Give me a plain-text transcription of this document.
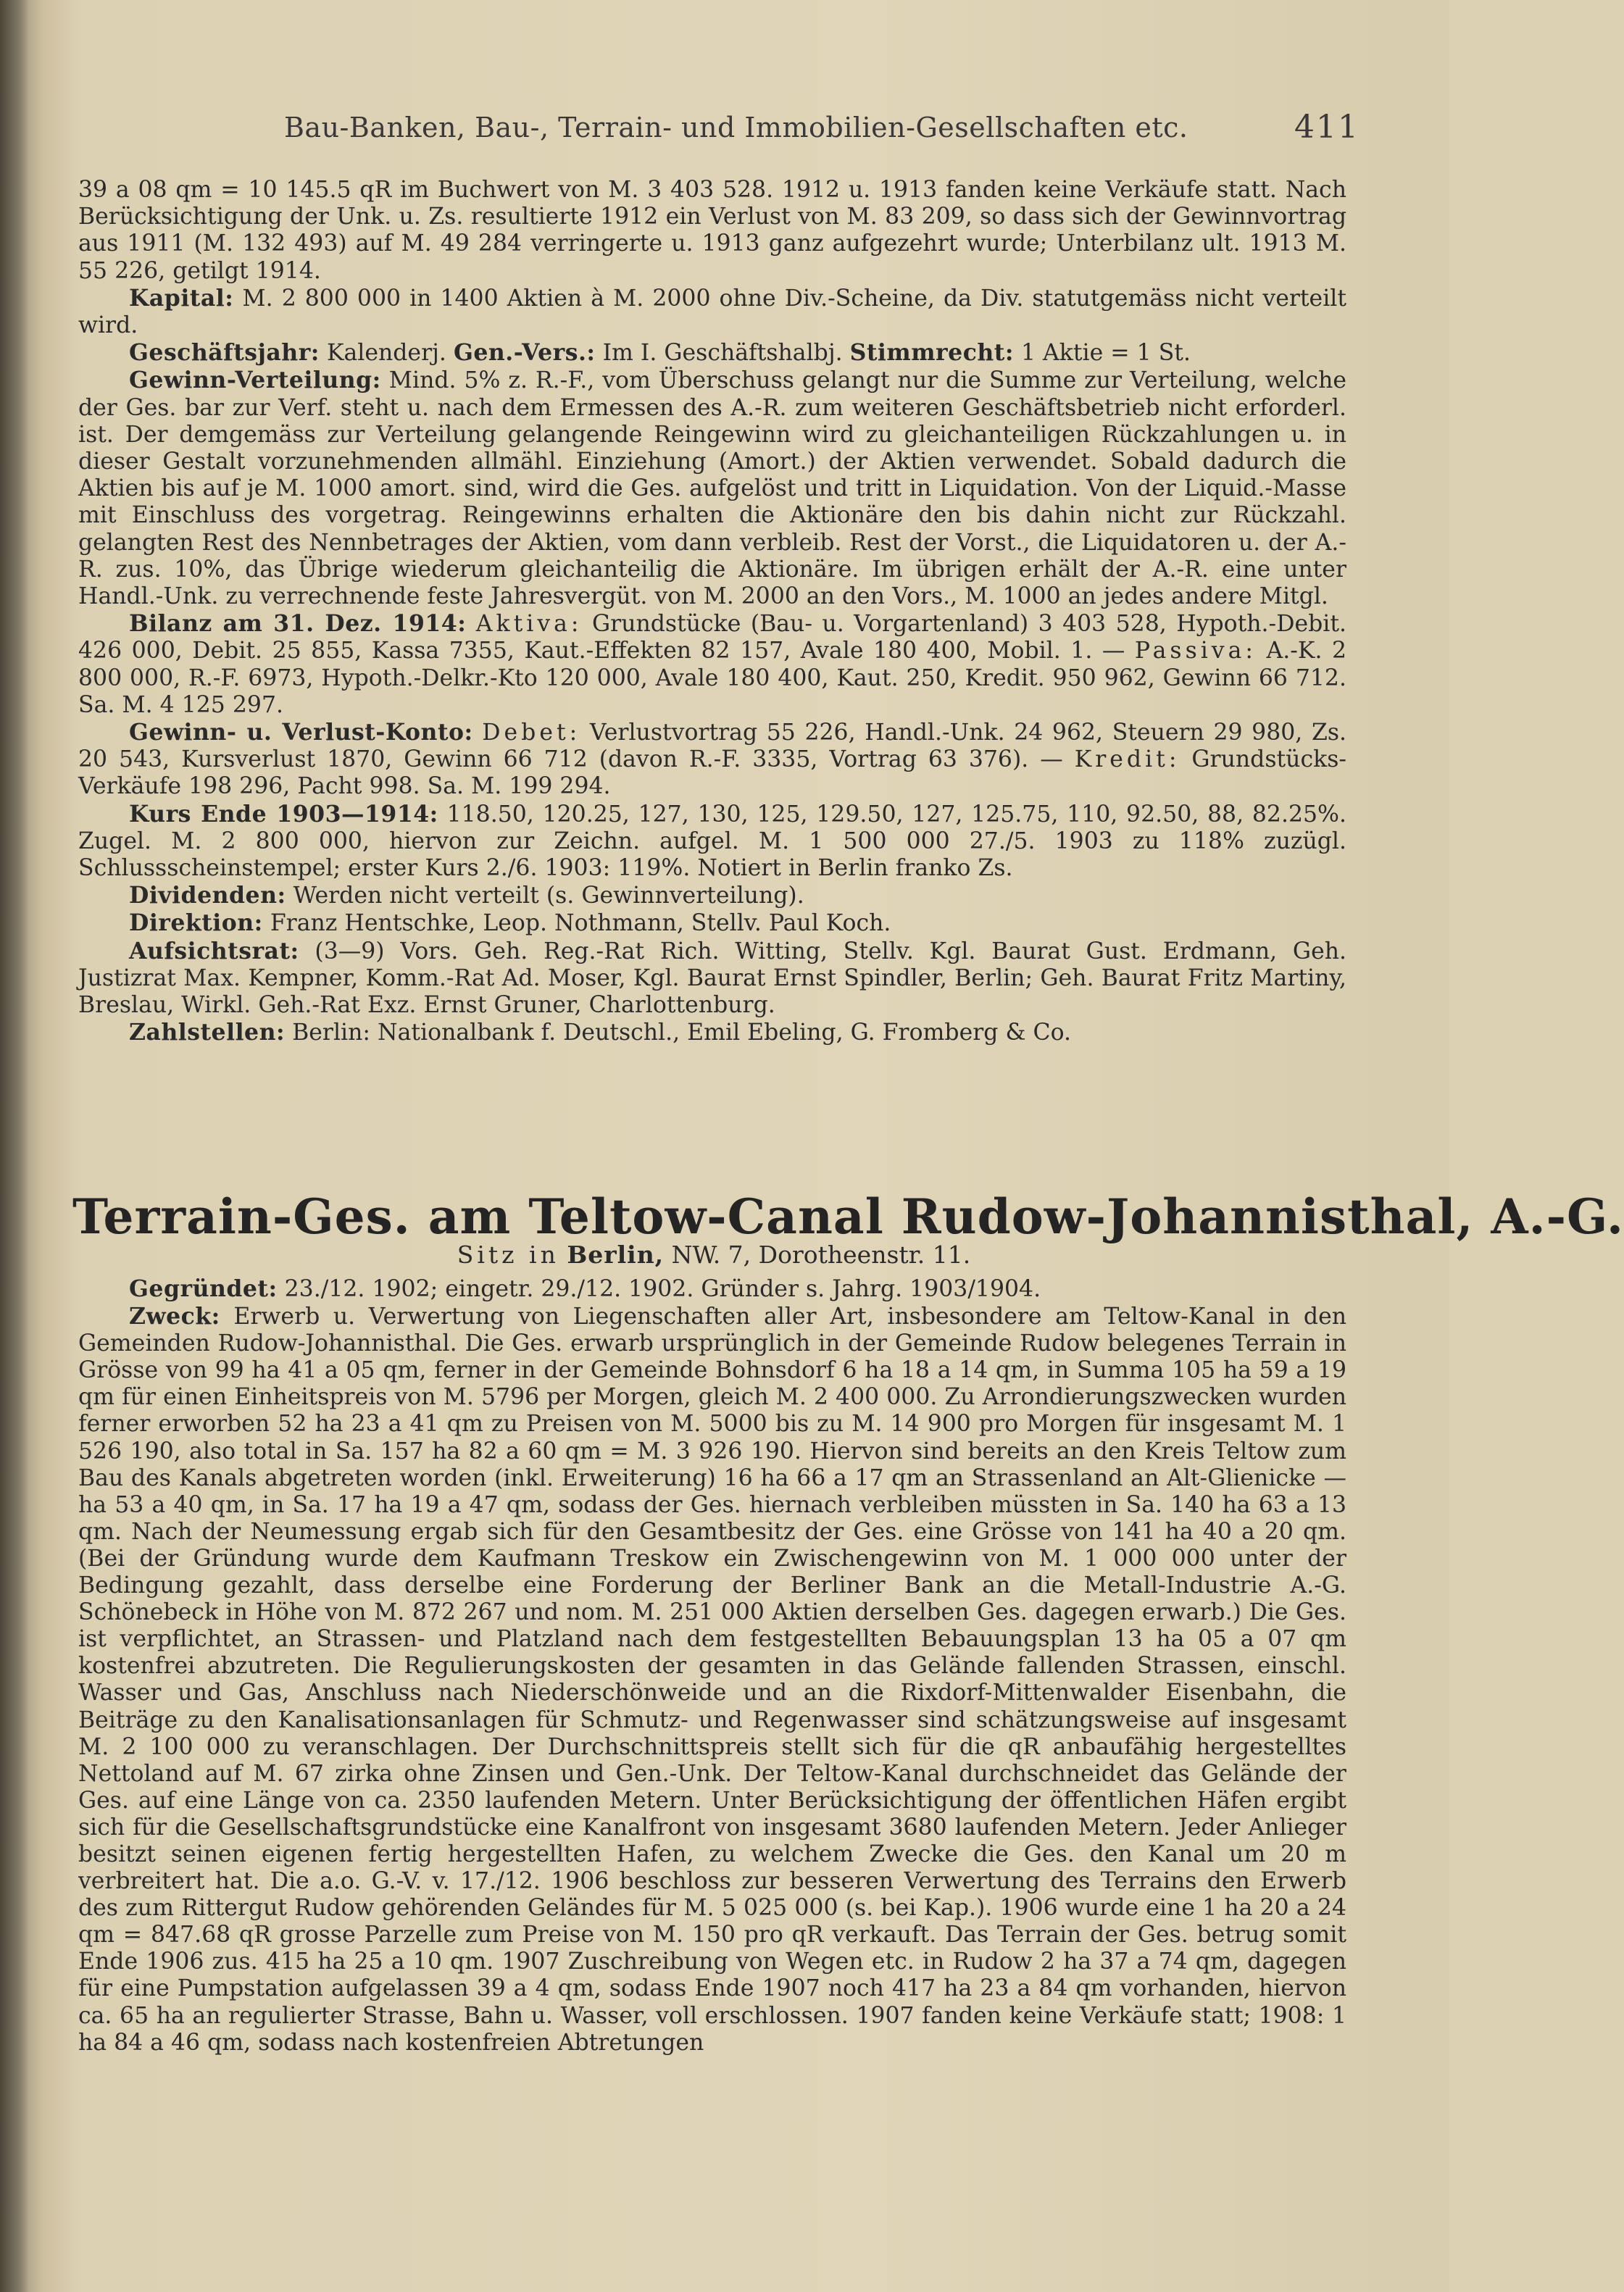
Bau-Banken, Bau-, Terrain- und Immobilien-Gesellschaften etc.	411

39 a 08 qm = 10 145.5 qR im Buchwert von M. 3 403 528. 1912 u. 1913 fanden keine Verkäufe statt. Nach Berücksichtigung der Unk. u. Zs. resultierte 1912 ein Verlust von M. 83 209, so dass sich der Gewinnvortrag aus 1911 (M. 132 493) auf M. 49 284 verringerte u. 1913 ganz aufgezehrt wurde; Unterbilanz ult. 1913 M. 55 226, getilgt 1914.

Kapital: M. 2 800 000 in 1400 Aktien à M. 2000 ohne Div.-Scheine, da Div. statutgemäss nicht verteilt wird.

Geschäftsjahr: Kalenderj. Gen.-Vers.: Im I. Geschäftshalbj. Stimmrecht: 1 Aktie = 1 St.

Gewinn-Verteilung: Mind. 5% z. R.-F., vom Überschuss gelangt nur die Summe zur Verteilung, welche der Ges. bar zur Verf. steht u. nach dem Ermessen des A.-R. zum weiteren Geschäftsbetrieb nicht erforderl. ist. Der demgemäss zur Verteilung gelangende Reingewinn wird zu gleichanteiligen Rückzahlungen u. in dieser Gestalt vorzunehmenden allmähl. Einziehung (Amort.) der Aktien verwendet. Sobald dadurch die Aktien bis auf je M. 1000 amort. sind, wird die Ges. aufgelöst und tritt in Liquidation. Von der Liquid.-Masse mit Einschluss des vorgetrag. Reingewinns erhalten die Aktionäre den bis dahin nicht zur Rückzahl. gelangten Rest des Nennbetrages der Aktien, vom dann verbleib. Rest der Vorst., die Liquidatoren u. der A.-R. zus. 10%, das Übrige wiederum gleichanteilig die Aktionäre. Im übrigen erhält der A.-R. eine unter Handl.-Unk. zu verrechnende feste Jahresvergüt. von M. 2000 an den Vors., M. 1000 an jedes andere Mitgl.

Bilanz am 31. Dez. 1914: Aktiva: Grundstücke (Bau- u. Vorgartenland) 3 403 528, Hypoth.-Debit. 426 000, Debit. 25 855, Kassa 7355, Kaut.-Effekten 82 157, Avale 180 400, Mobil. 1. — Passiva: A.-K. 2 800 000, R.-F. 6973, Hypoth.-Delkr.-Kto 120 000, Avale 180 400, Kaut. 250, Kredit. 950 962, Gewinn 66 712. Sa. M. 4 125 297.

Gewinn- u. Verlust-Konto: Debet: Verlustvortrag 55 226, Handl.-Unk. 24 962, Steuern 29 980, Zs. 20 543, Kursverlust 1870, Gewinn 66 712 (davon R.-F. 3335, Vortrag 63 376). — Kredit: Grundstücks-Verkäufe 198 296, Pacht 998. Sa. M. 199 294.

Kurs Ende 1903—1914: 118.50, 120.25, 127, 130, 125, 129.50, 127, 125.75, 110, 92.50, 88, 82.25%. Zugel. M. 2 800 000, hiervon zur Zeichn. aufgel. M. 1 500 000 27./5. 1903 zu 118% zuzügl. Schlussscheinstempel; erster Kurs 2./6. 1903: 119%. Notiert in Berlin franko Zs.

Dividenden: Werden nicht verteilt (s. Gewinnverteilung).

Direktion: Franz Hentschke, Leop. Nothmann, Stellv. Paul Koch.

Aufsichtsrat: (3—9) Vors. Geh. Reg.-Rat Rich. Witting, Stellv. Kgl. Baurat Gust. Erdmann, Geh. Justizrat Max. Kempner, Komm.-Rat Ad. Moser, Kgl. Baurat Ernst Spindler, Berlin; Geh. Baurat Fritz Martiny, Breslau, Wirkl. Geh.-Rat Exz. Ernst Gruner, Charlottenburg.

Zahlstellen: Berlin: Nationalbank f. Deutschl., Emil Ebeling, G. Fromberg & Co.

Terrain-Ges. am Teltow-Canal Rudow-Johannisthal, A.-G.
Sitz in Berlin, NW. 7, Dorotheenstr. 11.

Gegründet: 23./12. 1902; eingetr. 29./12. 1902. Gründer s. Jahrg. 1903/1904.

Zweck: Erwerb u. Verwertung von Liegenschaften aller Art, insbesondere am Teltow-Kanal in den Gemeinden Rudow-Johannisthal. Die Ges. erwarb ursprünglich in der Gemeinde Rudow belegenes Terrain in Grösse von 99 ha 41 a 05 qm, ferner in der Gemeinde Bohnsdorf 6 ha 18 a 14 qm, in Summa 105 ha 59 a 19 qm für einen Einheitspreis von M. 5796 per Morgen, gleich M. 2 400 000. Zu Arrondierungszwecken wurden ferner erworben 52 ha 23 a 41 qm zu Preisen von M. 5000 bis zu M. 14 900 pro Morgen für insgesamt M. 1 526 190, also total in Sa. 157 ha 82 a 60 qm = M. 3 926 190. Hiervon sind bereits an den Kreis Teltow zum Bau des Kanals abgetreten worden (inkl. Erweiterung) 16 ha 66 a 17 qm an Strassenland an Alt-Glienicke — ha 53 a 40 qm, in Sa. 17 ha 19 a 47 qm, sodass der Ges. hiernach verbleiben müssten in Sa. 140 ha 63 a 13 qm. Nach der Neumessung ergab sich für den Gesamtbesitz der Ges. eine Grösse von 141 ha 40 a 20 qm. (Bei der Gründung wurde dem Kaufmann Treskow ein Zwischengewinn von M. 1 000 000 unter der Bedingung gezahlt, dass derselbe eine Forderung der Berliner Bank an die Metall-Industrie A.-G. Schönebeck in Höhe von M. 872 267 und nom. M. 251 000 Aktien derselben Ges. dagegen erwarb.) Die Ges. ist verpflichtet, an Strassen- und Platzland nach dem festgestellten Bebauungsplan 13 ha 05 a 07 qm kostenfrei abzutreten. Die Regulierungskosten der gesamten in das Gelände fallenden Strassen, einschl. Wasser und Gas, Anschluss nach Niederschönweide und an die Rixdorf-Mittenwalder Eisenbahn, die Beiträge zu den Kanalisationsanlagen für Schmutz- und Regenwasser sind schätzungsweise auf insgesamt M. 2 100 000 zu veranschlagen. Der Durchschnittspreis stellt sich für die qR anbaufähig hergestelltes Nettoland auf M. 67 zirka ohne Zinsen und Gen.-Unk. Der Teltow-Kanal durchschneidet das Gelände der Ges. auf eine Länge von ca. 2350 laufenden Metern. Unter Berücksichtigung der öffentlichen Häfen ergibt sich für die Gesellschaftsgrundstücke eine Kanalfront von insgesamt 3680 laufenden Metern. Jeder Anlieger besitzt seinen eigenen fertig hergestellten Hafen, zu welchem Zwecke die Ges. den Kanal um 20 m verbreitert hat. Die a.o. G.-V. v. 17./12. 1906 beschloss zur besseren Verwertung des Terrains den Erwerb des zum Rittergut Rudow gehörenden Geländes für M. 5 025 000 (s. bei Kap.). 1906 wurde eine 1 ha 20 a 24 qm = 847.68 qR grosse Parzelle zum Preise von M. 150 pro qR verkauft. Das Terrain der Ges. betrug somit Ende 1906 zus. 415 ha 25 a 10 qm. 1907 Zuschreibung von Wegen etc. in Rudow 2 ha 37 a 74 qm, dagegen für eine Pumpstation aufgelassen 39 a 4 qm, sodass Ende 1907 noch 417 ha 23 a 84 qm vorhanden, hiervon ca. 65 ha an regulierter Strasse, Bahn u. Wasser, voll erschlossen. 1907 fanden keine Verkäufe statt; 1908: 1 ha 84 a 46 qm, sodass nach kostenfreien Abtretungen
